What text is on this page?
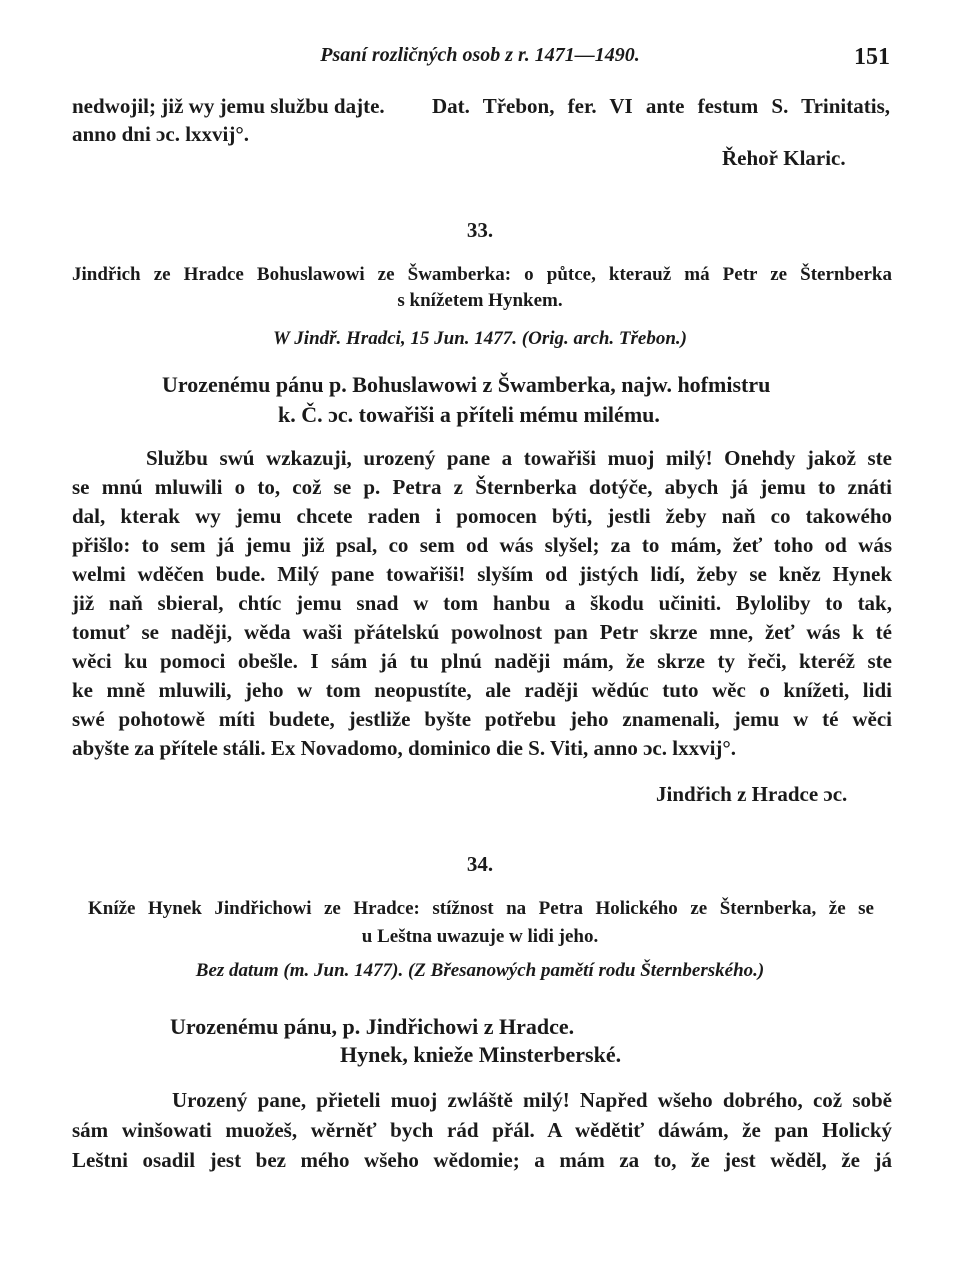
Psaní rozličných osob z r. 1471—1490.	151
nedwojil; již wy jemu službu dajte. Dat. Třebon, fer. VI ante festum S. Trinitatis,
anno dni ɔc. lxxvij°.
Řehoř Klaric.
33.
Jindřich ze Hradce Bohuslawowi ze Šwamberka: o půtce, kterauž má Petr ze Šternberka
s knížetem Hynkem.
W Jindř. Hradci, 15 Jun. 1477. (Orig. arch. Třebon.)
Urozenému pánu p. Bohuslawowi z Šwamberka, najw. hofmistru
k. Č. ɔc. towařiši a příteli mému milému.
Službu swú wzkazuji, urozený pane a towařiši muoj milý! Onehdy jakož ste
se mnú mluwili o to, což se p. Petra z Šternberka dotýče, abych já jemu to znáti
dal, kterak wy jemu chcete raden i pomocen býti, jestli žeby naň co takowého
přišlo: to sem já jemu již psal, co sem od wás slyšel; za to mám, žeť toho od wás
welmi wděčen bude. Milý pane towařiši! slyším od jistých lidí, žeby se kněz Hynek
již naň sbieral, chtíc jemu snad w tom hanbu a škodu učiniti. Byloliby to tak,
tomuť se naději, wěda waši přátelskú powolnost pan Petr skrze mne, žeť wás k té
wěci ku pomoci obešle. I sám já tu plnú naději mám, že skrze ty řeči, kteréž ste
ke mně mluwili, jeho w tom neopustíte, ale raději wědúc tuto wěc o knížeti, lidi
swé pohotowě míti budete, jestliže byšte potřebu jeho znamenali, jemu w té wěci
abyšte za přítele stáli. Ex Novadomo, dominico die S. Viti, anno ɔc. lxxvij°.
Jindřich z Hradce ɔc.
34.
Kníže Hynek Jindřichowi ze Hradce: stížnost na Petra Holického ze Šternberka, že se
u Leštna uwazuje w lidi jeho.
Bez datum (m. Jun. 1477). (Z Břesanowých pamětí rodu Šternberského.)
Urozenému pánu, p. Jindřichowi z Hradce.
Hynek, knieže Minsterberské.
Urozený pane, přieteli muoj zwláště milý! Napřed wšeho dobrého, což sobě
sám winšowati muožeš, wěrněť bych rád přál. A wědětiť dáwám, že pan Holický
Leštni osadil jest bez mého wšeho wědomie; a mám za to, že jest wěděl, že já
